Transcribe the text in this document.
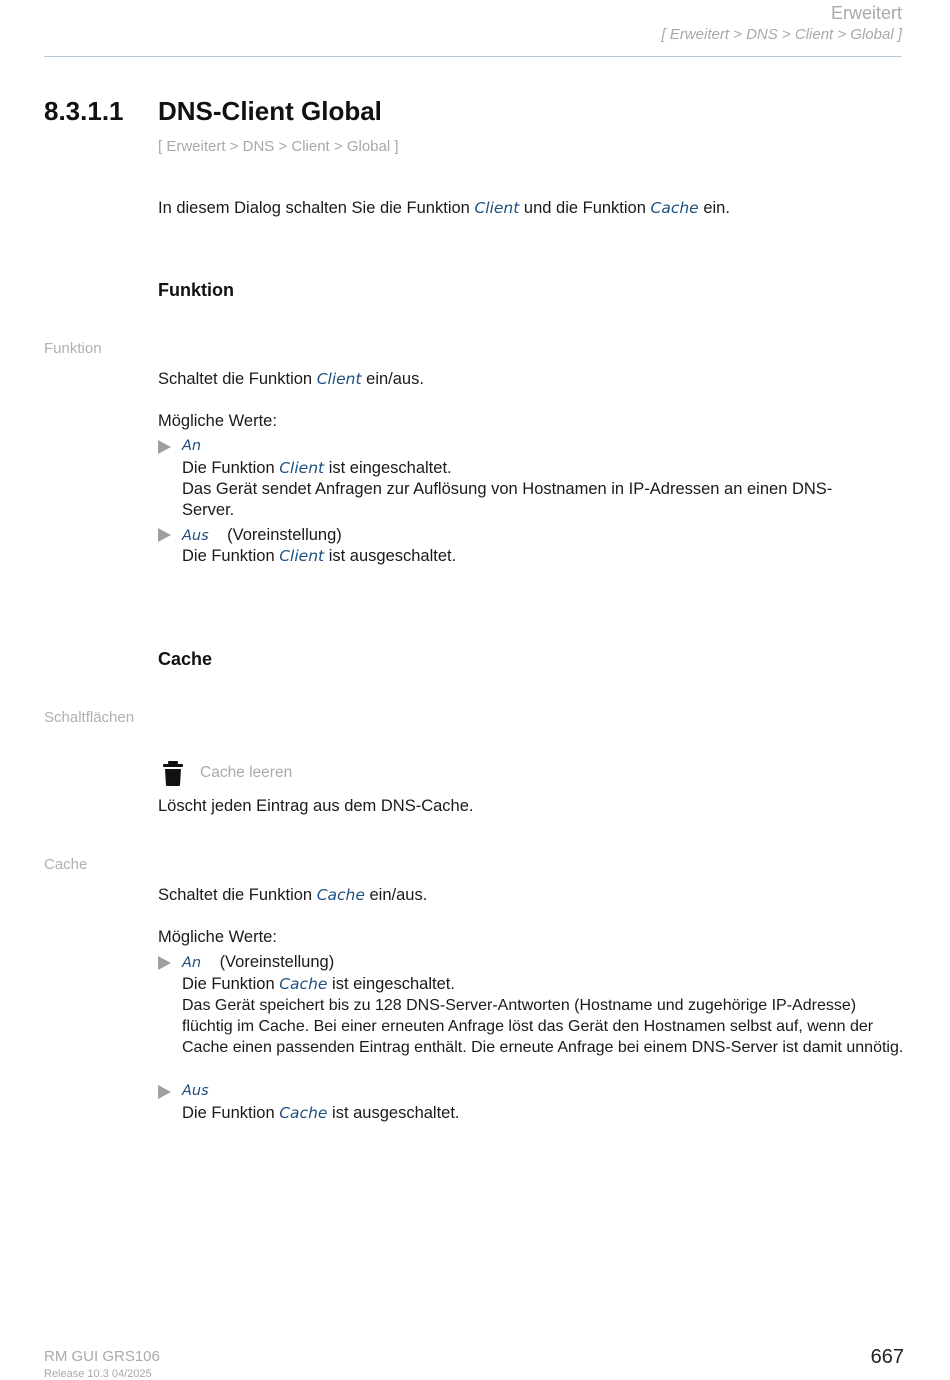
Erweitert
[ Erweitert > DNS > Client > Global ]
8.3.1.1 DNS-Client Global
[ Erweitert > DNS > Client > Global ]
In diesem Dialog schalten Sie die Funktion Client und die Funktion Cache ein.
Funktion
Funktion
Schaltet die Funktion Client ein/aus.
Mögliche Werte:
An
Die Funktion Client ist eingeschaltet.
Das Gerät sendet Anfragen zur Auflösung von Hostnamen in IP-Adressen an einen DNS-Server.
Aus (Voreinstellung)
Die Funktion Client ist ausgeschaltet.
Cache
Schaltflächen
Cache leeren
Löscht jeden Eintrag aus dem DNS-Cache.
Cache
Schaltet die Funktion Cache ein/aus.
Mögliche Werte:
An (Voreinstellung)
Die Funktion Cache ist eingeschaltet.
Das Gerät speichert bis zu 128 DNS-Server-Antworten (Hostname und zugehörige IP-Adresse) flüchtig im Cache. Bei einer erneuten Anfrage löst das Gerät den Hostnamen selbst auf, wenn der Cache einen passenden Eintrag enthält. Die erneute Anfrage bei einem DNS-Server ist damit unnötig.
Aus
Die Funktion Cache ist ausgeschaltet.
RM GUI GRS106
Release 10.3 04/2025
667
